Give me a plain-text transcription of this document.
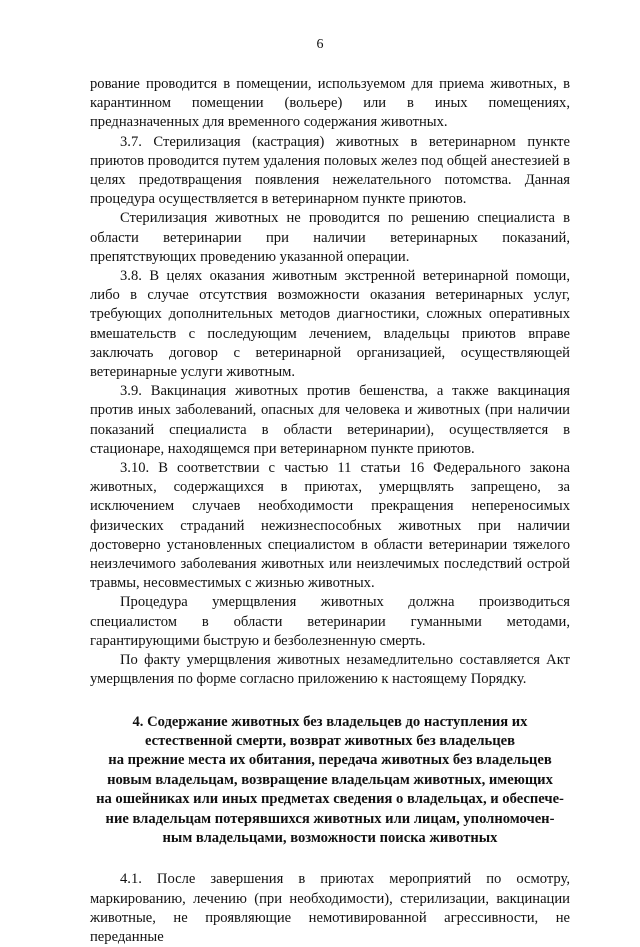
6

рование проводится в помещении, используемом для приема животных, в карантинном помещении (вольере) или в иных помещениях, предназначенных для временного содержания животных.

3.7. Стерилизация (кастрация) животных в ветеринарном пункте приютов проводится путем удаления половых желез под общей анестезией в целях предотвращения появления нежелательного потомства. Данная процедура осуществляется в ветеринарном пункте приютов.

Стерилизация животных не проводится по решению специалиста в области ветеринарии при наличии ветеринарных показаний, препятствующих проведению указанной операции.

3.8. В целях оказания животным экстренной ветеринарной помощи, либо в случае отсутствия возможности оказания ветеринарных услуг, требующих дополнительных методов диагностики, сложных оперативных вмешательств с последующим лечением, владельцы приютов вправе заключать договор с ветеринарной организацией, осуществляющей ветеринарные услуги животным.

3.9. Вакцинация животных против бешенства, а также вакцинация против иных заболеваний, опасных для человека и животных (при наличии показаний специалиста в области ветеринарии), осуществляется в стационаре, находящемся при ветеринарном пункте приютов.

3.10. В соответствии с частью 11 статьи 16 Федерального закона животных, содержащихся в приютах, умерщвлять запрещено, за исключением случаев необходимости прекращения непереносимых физических страданий нежизнеспособных животных при наличии достоверно установленных специалистом в области ветеринарии тяжелого неизлечимого заболевания животных или неизлечимых последствий острой травмы, несовместимых с жизнью животных.

Процедура умерщвления животных должна производиться специалистом в области ветеринарии гуманными методами, гарантирующими быструю и безболезненную смерть.

По факту умерщвления животных незамедлительно составляется Акт умерщвления по форме согласно приложению к настоящему Порядку.

4. Содержание животных без владельцев до наступления их
естественной смерти, возврат животных без владельцев
на прежние места их обитания, передача животных без владельцев
новым владельцам, возвращение владельцам животных, имеющих
на ошейниках или иных предметах сведения о владельцах, и обеспече-
ние владельцам потерявшихся животных или лицам, уполномочен-
ным владельцами, возможности поиска животных

4.1. После завершения в приютах мероприятий по осмотру, маркированию, лечению (при необходимости), стерилизации, вакцинации животные, не проявляющие немотивированной агрессивности, не переданные
